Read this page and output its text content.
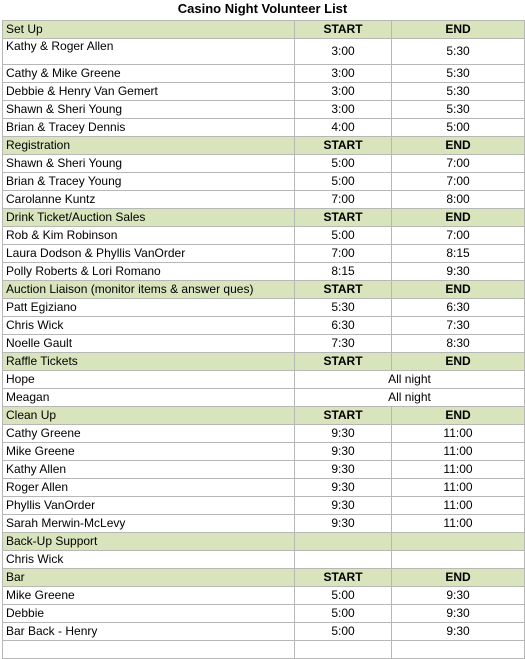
Casino Night Volunteer List
Set Up	START	END
Kathy & Roger Allen	3:00	5:30
Cathy & Mike Greene	3:00	5:30
Debbie & Henry Van Gemert	3:00	5:30
Shawn & Sheri Young	3:00	5:30
Brian & Tracey Dennis	4:00	5:00
Registration	START	END
Shawn & Sheri Young	5:00	7:00
Brian & Tracey Young	5:00	7:00
Carolanne Kuntz	7:00	8:00
Drink Ticket/Auction Sales	START	END
Rob & Kim Robinson	5:00	7:00
Laura Dodson & Phyllis VanOrder	7:00	8:15
Polly Roberts & Lori Romano	8:15	9:30
Auction Liaison (monitor items & answer ques)	START	END
Patt Egiziano	5:30	6:30
Chris Wick	6:30	7:30
Noelle Gault	7:30	8:30
Raffle Tickets	START	END
Hope	All night	
Meagan	All night	
Clean Up	START	END
Cathy Greene	9:30	11:00
Mike Greene	9:30	11:00
Kathy Allen	9:30	11:00
Roger Allen	9:30	11:00
Phyllis VanOrder	9:30	11:00
Sarah Merwin-McLevy	9:30	11:00
Back-Up Support		
Chris Wick		
Bar	START	END
Mike Greene	5:00	9:30
Debbie	5:00	9:30
Bar Back - Henry	5:00	9:30
